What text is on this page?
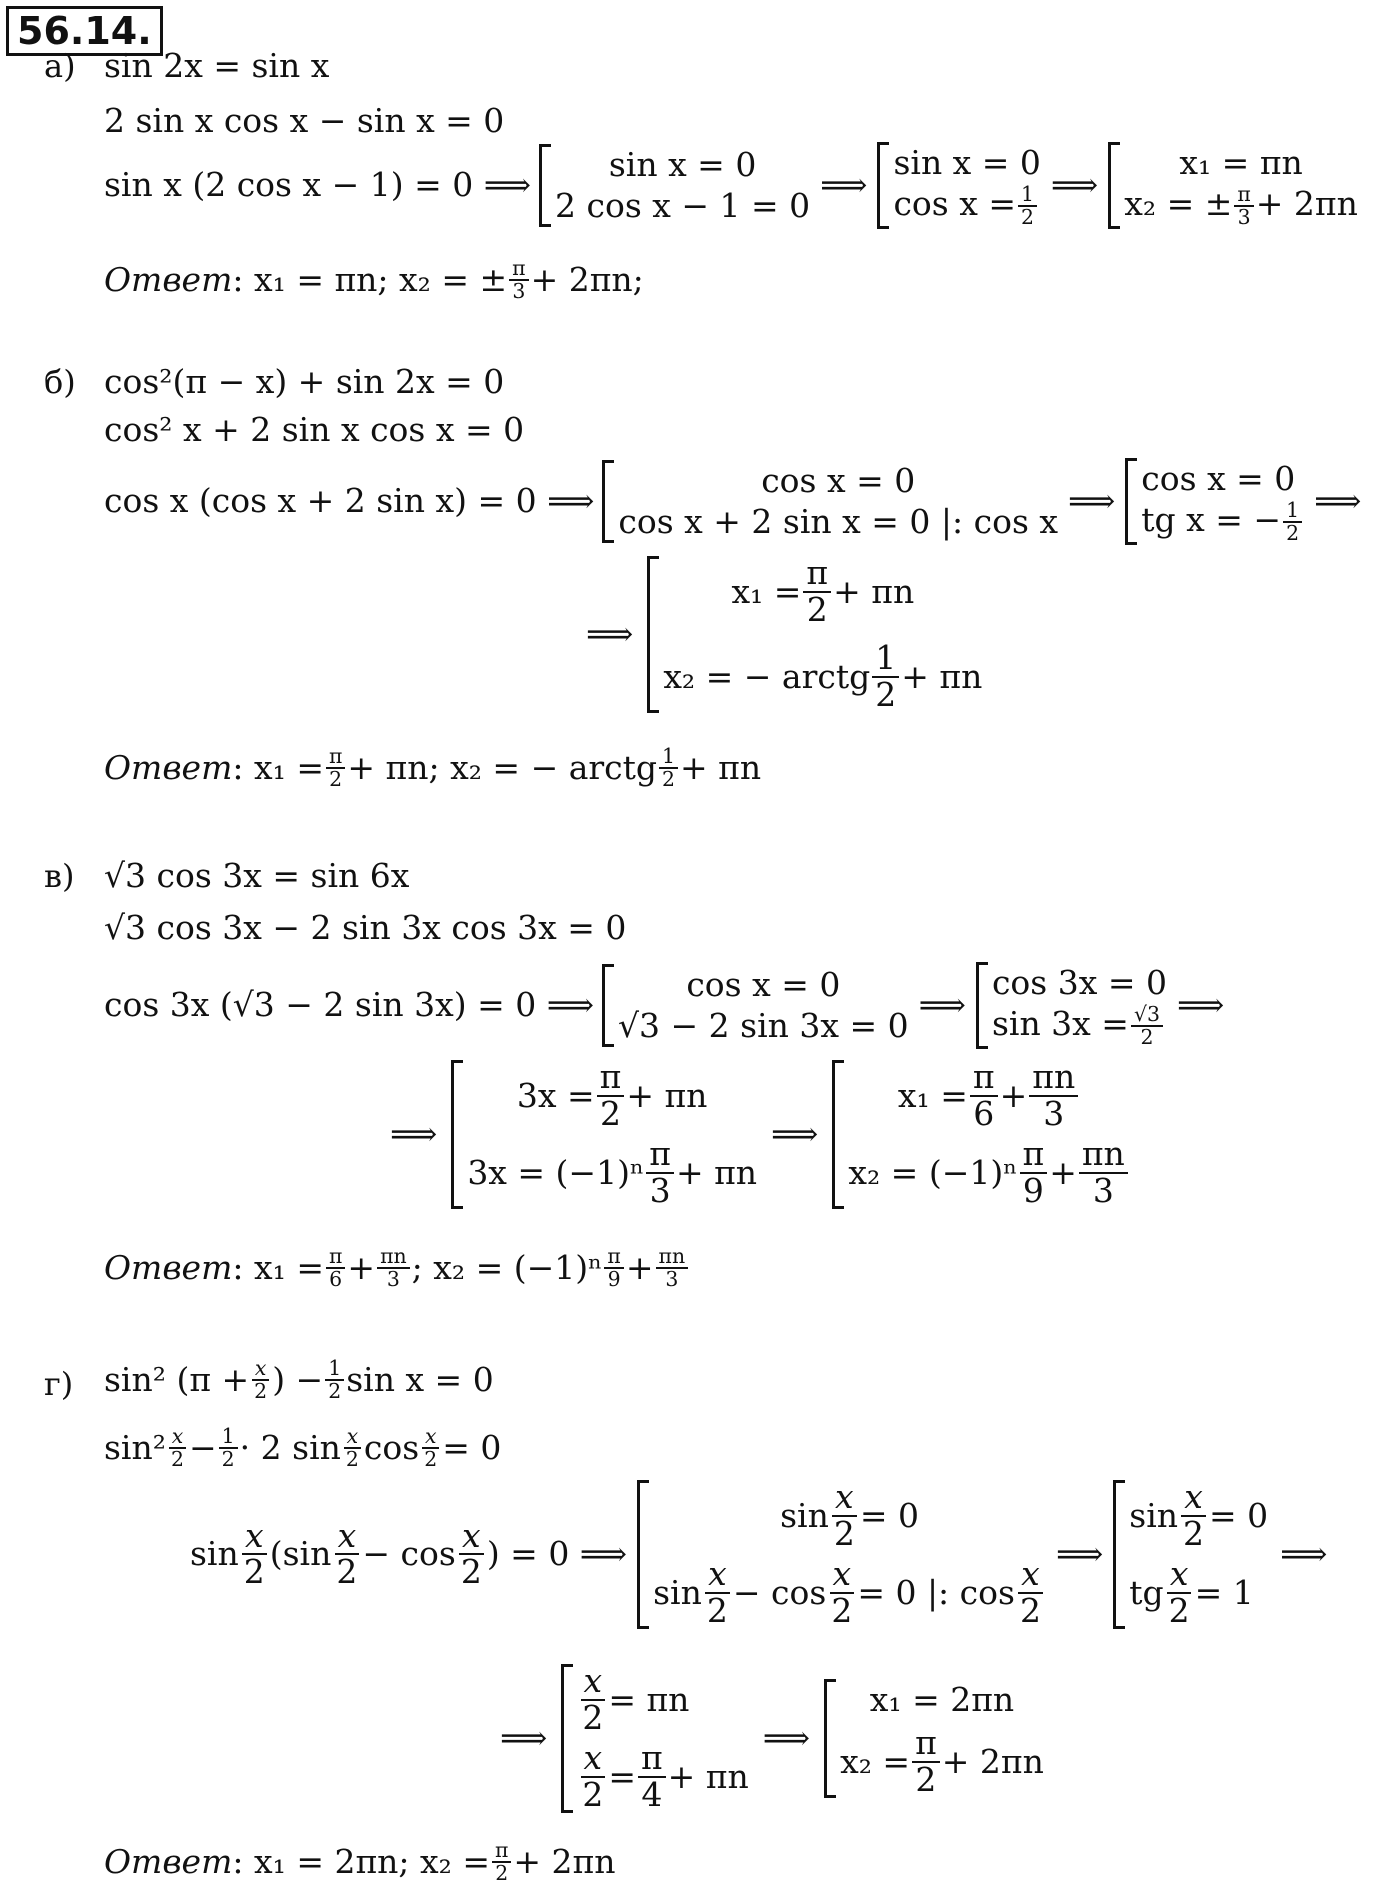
56.14.
а) sin 2x = sin x
2 sin x cos x − sin x = 0
sin x (2 cos x − 1) = 0 ⟹
sin x = 0
2 cos x − 1 = 0
⟹
sin x = 0
$\cos x = \frac{1}{2}$ ⟹
x₁ = πn
x₂ = ± $\frac{\pi}{3} + 2\pi n$
Ответ : x₁ = πn; x₂ = ± $\frac{\pi}{3} + 2\pi n$;
б) cos²(π − x) + sin 2x = 0
cos² x + 2 sin x cos x = 0
cos x (cos x + 2 sin x) = 0 ⟹
cos x = 0
cos x + 2 sin x = 0 |: cos x
⟹
cos x = 0
tg x = − $\frac{1}{2}$ ⟹
⟹
$x_1 = \frac{\pi}{2} + \pi n$
x₂ = − arctg $\frac{1}{2} + \pi n$
Ответ : $x_1 = \frac{\pi}{2} + \pi n$; x₂ = − arctg $\frac{1}{2} + \pi n$
в) √3 cos 3x = sin 6x
√3 cos 3x − 2 sin 3x cos 3x = 0
cos 3x (√3 − 2 sin 3x) = 0 ⟹
cos x = 0
√3 − 2 sin 3x = 0
⟹
cos 3x = 0
$\sin 3x = \frac{√3}{2}$ ⟹
⟹
$3x = \frac{\pi}{2} + \pi n$
$3x = (-1)^n \frac{\pi}{3} + \pi n$
⟹
$x_1 = \frac{\pi}{6} + \frac{\pi n}{3}$
$x_2 = (-1)^n \frac{\pi}{9} + \frac{\pi n}{3}$
Ответ : $x_1 = \frac{\pi}{6} + \frac{\pi n}{3}$ ; $x_2 = (-1)^n \frac{\pi}{9} + \frac{\pi n}{3}$
г) sin² ($\pi + \frac{x}{2}$ ) − $\frac{1}{2}$ sin x = 0
$\sin^2 \frac{x}{2} - \frac{1}{2} \cdot 2$ $\sin \frac{x}{2}$ $\cos \frac{x}{2} = 0$
$\sin \frac{x}{2} (\sin \frac{x}{2} - \cos \frac{x}{2}$ ) = 0 ⟹
$\sin \frac{x}{2} = 0$
$\sin \frac{x}{2} - \cos \frac{x}{2} = 0$ |: $\cos \frac{x}{2}$
⟹
$\sin \frac{x}{2} = 0$
tg $\frac{x}{2} = 1$
⟹
⟹
$\frac{x}{2} = \pi n$
$\frac{x}{2} = \frac{\pi}{4} + \pi n$
⟹
x₁ = 2πn
$x_2 = \frac{\pi}{2} + 2\pi n$
Ответ : x₁ = 2πn; $x_2 = \frac{\pi}{2} + 2\pi n$
